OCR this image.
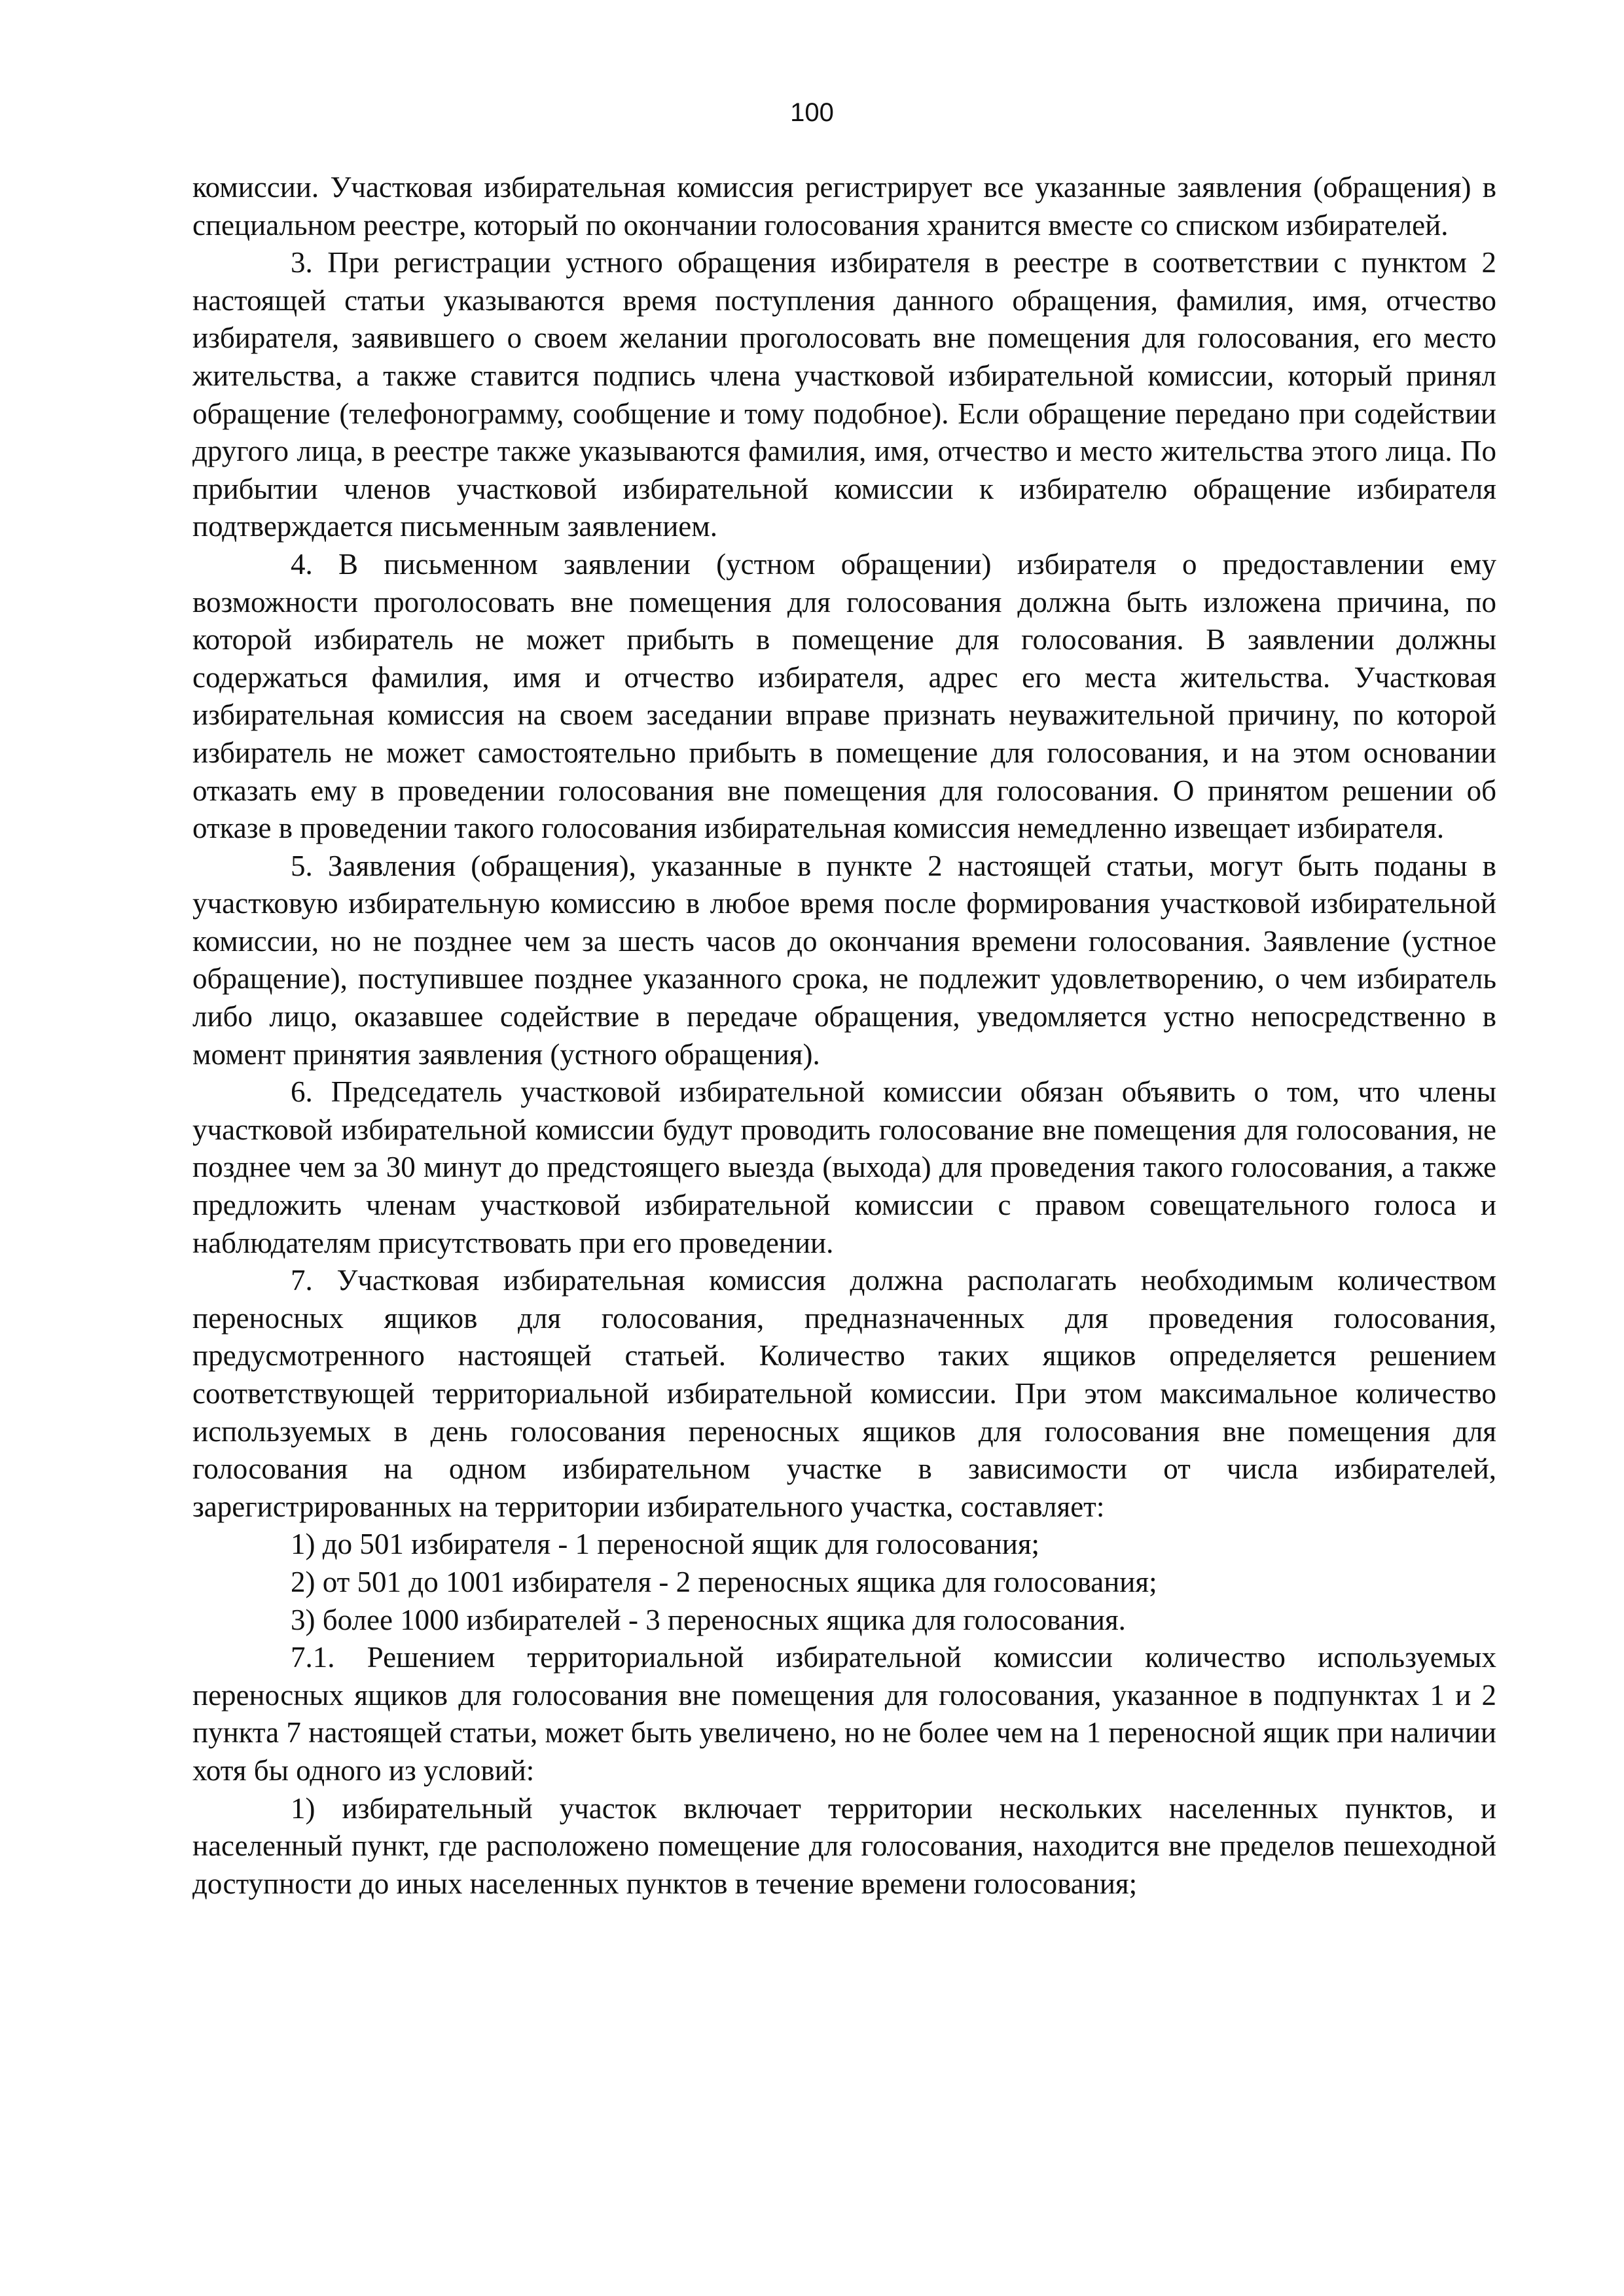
100

комиссии. Участковая избирательная комиссия регистрирует все указанные заявления (обращения) в специальном реестре, который по окончании голосования хранится вместе со списком избирателей.

3. При регистрации устного обращения избирателя в реестре в соответствии с пунктом 2 настоящей статьи указываются время поступления данного обращения, фамилия, имя, отчество избирателя, заявившего о своем желании проголосовать вне помещения для голосования, его место жительства, а также ставится подпись члена участковой избирательной комиссии, который принял обращение (телефонограмму, сообщение и тому подобное). Если обращение передано при содействии другого лица, в реестре также указываются фамилия, имя, отчество и место жительства этого лица. По прибытии членов участковой избирательной комиссии к избирателю обращение избирателя подтверждается письменным заявлением.

4. В письменном заявлении (устном обращении) избирателя о предоставлении ему возможности проголосовать вне помещения для голосования должна быть изложена причина, по которой избиратель не может прибыть в помещение для голосования. В заявлении должны содержаться фамилия, имя и отчество избирателя, адрес его места жительства. Участковая избирательная комиссия на своем заседании вправе признать неуважительной причину, по которой избиратель не может самостоятельно прибыть в помещение для голосования, и на этом основании отказать ему в проведении голосования вне помещения для голосования. О принятом решении об отказе в проведении такого голосования избирательная комиссия немедленно извещает избирателя.

5. Заявления (обращения), указанные в пункте 2 настоящей статьи, могут быть поданы в участковую избирательную комиссию в любое время после формирования участковой избирательной комиссии, но не позднее чем за шесть часов до окончания времени голосования. Заявление (устное обращение), поступившее позднее указанного срока, не подлежит удовлетворению, о чем избиратель либо лицо, оказавшее содействие в передаче обращения, уведомляется устно непосредственно в момент принятия заявления (устного обращения).

6. Председатель участковой избирательной комиссии обязан объявить о том, что члены участковой избирательной комиссии будут проводить голосование вне помещения для голосования, не позднее чем за 30 минут до предстоящего выезда (выхода) для проведения такого голосования, а также предложить членам участковой избирательной комиссии с правом совещательного голоса и наблюдателям присутствовать при его проведении.

7. Участковая избирательная комиссия должна располагать необходимым количеством переносных ящиков для голосования, предназначенных для проведения голосования, предусмотренного настоящей статьей. Количество таких ящиков определяется решением соответствующей территориальной избирательной комиссии. При этом максимальное количество используемых в день голосования переносных ящиков для голосования вне помещения для голосования на одном избирательном участке в зависимости от числа избирателей, зарегистрированных на территории избирательного участка, составляет:

1) до 501 избирателя - 1 переносной ящик для голосования;

2) от 501 до 1001 избирателя - 2 переносных ящика для голосования;

3) более 1000 избирателей - 3 переносных ящика для голосования.

7.1. Решением территориальной избирательной комиссии количество используемых переносных ящиков для голосования вне помещения для голосования, указанное в подпунктах 1 и 2 пункта 7 настоящей статьи, может быть увеличено, но не более чем на 1 переносной ящик при наличии хотя бы одного из условий:

1) избирательный участок включает территории нескольких населенных пунктов, и населенный пункт, где расположено помещение для голосования, находится вне пределов пешеходной доступности до иных населенных пунктов в течение времени голосования;
